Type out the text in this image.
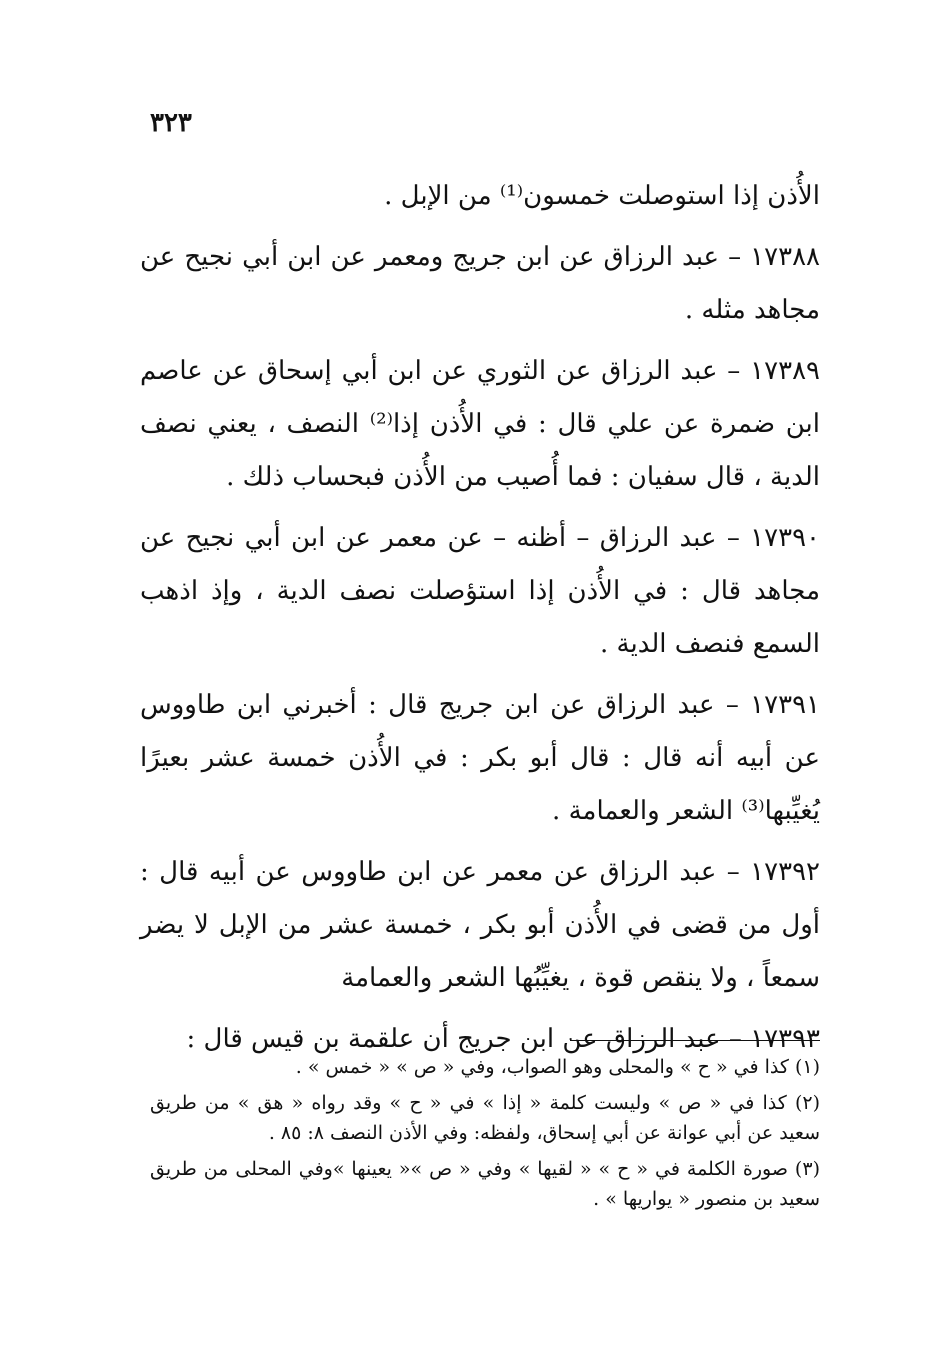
٣٢٣

الأُذن إذا استوصلت خمسون⁽¹⁾ من الإبل .

١٧٣٨٨ – عبد الرزاق عن ابن جريج ومعمر عن ابن أبي نجيح عن مجاهد مثله .

١٧٣٨٩ – عبد الرزاق عن الثوري عن ابن أبي إسحاق عن عاصم ابن ضمرة عن علي قال : في الأُذن إذا⁽²⁾ النصف ، يعني نصف الدية ، قال سفيان : فما أُصيب من الأُذن فبحساب ذلك .

١٧٣٩٠ – عبد الرزاق – أظنه – عن معمر عن ابن أبي نجيح عن مجاهد قال : في الأُذن إذا استؤصلت نصف الدية ، وإذ اذهب السمع فنصف الدية .

١٧٣٩١ – عبد الرزاق عن ابن جريج قال : أخبرني ابن طاووس عن أبيه أنه قال : قال أبو بكر : في الأُذن خمسة عشر بعيرًا يُغيِّبها⁽³⁾ الشعر والعمامة .

١٧٣٩٢ – عبد الرزاق عن معمر عن ابن طاووس عن أبيه قال : أول من قضى في الأُذن أبو بكر ، خمسة عشر من الإبل لا يضر سمعاً ، ولا ينقص قوة ، يغيِّبُها الشعر والعمامة

١٧٣٩٣ – عبد الرزاق عن ابن جريج أن علقمة بن قيس قال :

(١) كذا في « ح » والمحلى وهو الصواب، وفي « ص » « خمس » .

(٢) كذا في « ص » وليست كلمة « إذا » في « ح » وقد رواه « هق » من طريق سعيد عن أبي عوانة عن أبي إسحاق، ولفظه: وفي الأذن النصف ٨: ٨٥ .

(٣) صورة الكلمة في « ح » « لقيها » وفي « ص »« يعينها »وفي المحلى من طريق سعيد بن منصور « يواريها » .
